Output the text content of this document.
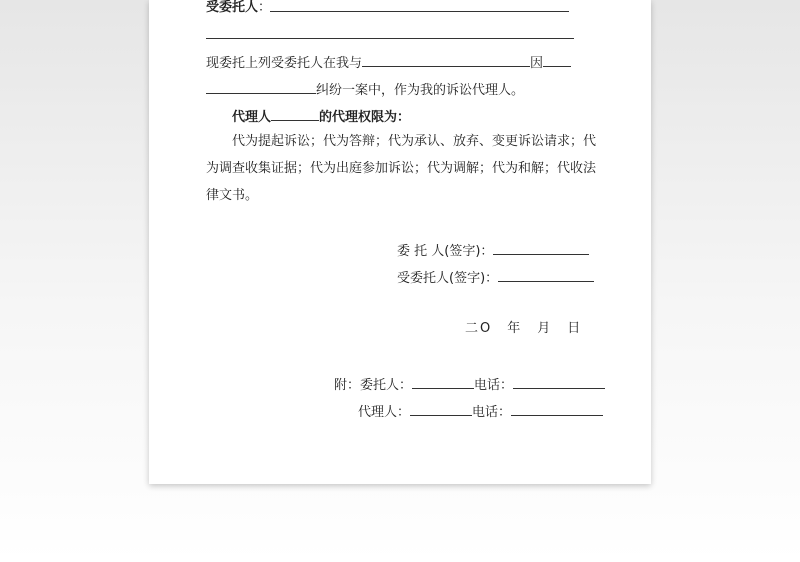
受委托人：
现委托上列受委托人在我与	因
纠纷一案中，作为我的诉讼代理人。
代理人	的代理权限为：
代为提起诉讼；代为答辩；代为承认、放弃、变更诉讼请求；代
为调查收集证据；代为出庭参加诉讼；代为调解；代为和解；代收法
律文书。
委 托 人(签字)：
受委托人(签字)：
二O　年　月　日
附：委托人：	电话：
代理人：	电话：
